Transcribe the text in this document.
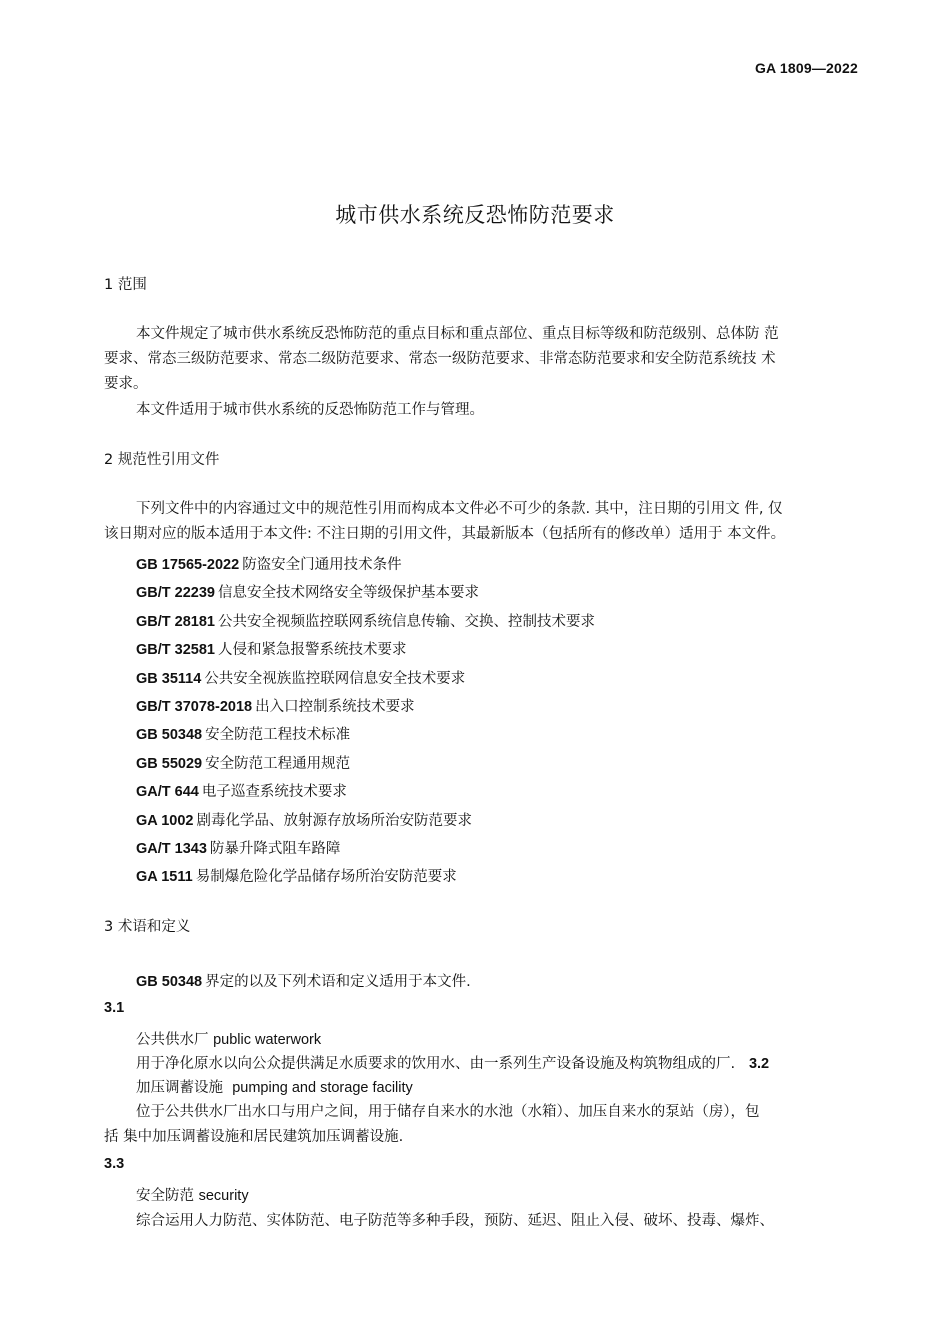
GA 1809—2022
城市供水系统反恐怖防范要求
1 范围
本文件规定了城市供水系统反恐怖防范的重点目标和重点部位、重点目标等级和防范级别、总体防 范
要求、常态三级防范要求、常态二级防范要求、常态一级防范要求、非常态防范要求和安全防范系统技 术
要求。
本文件适用于城市供水系统的反恐怖防范工作与管理。
2 规范性引用文件
下列文件中的内容通过文中的规范性引用而构成本文件必不可少的条款. 其中，注日期的引用文 件, 仅
该日期对应的版本适用于本文件: 不注日期的引用文件，其最新版本（包括所有的修改单）适用于 本文件。
GB 17565-2022 防盗安全门通用技术条件
GB/T 22239 信息安全技术网络安全等级保护基本要求
GB/T 28181 公共安全视频监控联网系统信息传输、交换、控制技术要求
GB/T 32581 人侵和紧急报警系统技术要求
GB 35114 公共安全视族监控联网信息安全技术要求
GB/T 37078-2018 出入口控制系统技术要求
GB 50348 安全防范工程技术标准
GB 55029 安全防范工程通用规范
GA/T 644 电子巡查系统技术要求
GA 1002 剧毒化学品、放射源存放场所治安防范要求
GA/T 1343 防暴升降式阻车路障
GA 1511 易制爆危险化学品储存场所治安防范要求
3 术语和定义
GB 50348 界定的以及下列术语和定义适用于本文件.
3.1
公共供水厂 public waterwork
用于净化原水以向公众提供满足水质要求的饮用水、由一系列生产设备设施及构筑物组成的厂. 3.2
加压调蓄设施 pumping and storage facility
位于公共供水厂出水口与用户之间，用于储存自来水的水池（水箱）、加压自来水的泵站（房），包
括 集中加压调蓄设施和居民建筑加压调蓄设施.
3.3
安全防范 security
综合运用人力防范、实体防范、电子防范等多种手段，预防、延迟、阻止入侵、破坏、投毒、爆炸、
